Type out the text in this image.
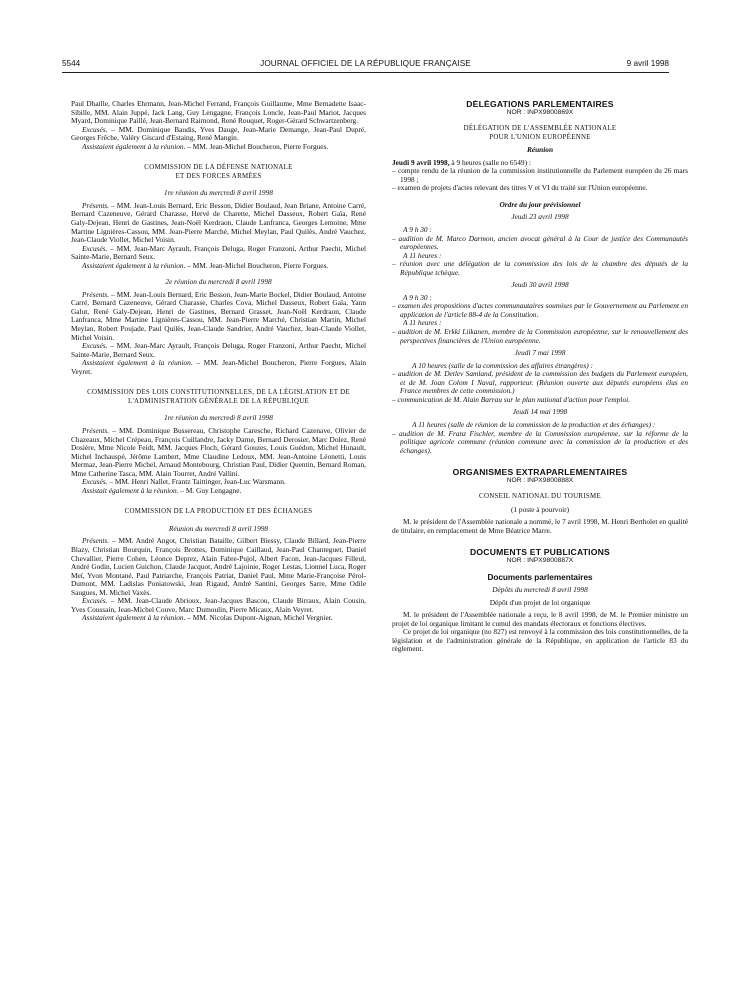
5544	JOURNAL OFFICIEL DE LA RÉPUBLIQUE FRANÇAISE	9 avril 1998

Paul Dhaille, Charles Ehrmann, Jean-Michel Ferrand, François Guillaume, Mme Bernadette Isaac-Sibille, MM. Alain Juppé, Jack Lang, Guy Lengagne, François Loncle, Jean-Paul Mariot, Jacques Myard, Dominique Paillé, Jean-Bernard Raimond, René Rouquet, Roger-Gérard Schwartzenberg.

Excusés. – MM. Dominique Baudis, Yves Dauge, Jean-Marie Demange, Jean-Paul Dupré, Georges Frêche, Valéry Giscard d'Estaing, René Mangin.

Assistaient également à la réunion. – MM. Jean-Michel Boucheron, Pierre Forgues.

COMMISSION DE LA DÉFENSE NATIONALE

ET DES FORCES ARMÉES

1re réunion du mercredi 8 avril 1998

Présents. – MM. Jean-Louis Bernard, Eric Besson, Didier Boulaud, Jean Briane, Antoine Carré, Bernard Cazeneuve, Gérard Charasse, Hervé de Charette, Michel Dasseux, Robert Gaïa, René Galy-Dejean, Henri de Gastines, Jean-Noël Kerdraon, Claude Lanfranca, Georges Lemoine, Mme Martine Lignières-Cassou, MM. Jean-Pierre Marché, Michel Meylan, Paul Quilès, André Vauchez, Jean-Claude Viollet, Michel Voisin.

Excusés. – MM. Jean-Marc Ayrault, François Deluga, Roger Franzoni, Arthur Paecht, Michel Sainte-Marie, Bernard Seux.

Assistaient également à la réunion. – MM. Jean-Michel Boucheron, Pierre Forgues.

2e réunion du mercredi 8 avril 1998

Présents. – MM. Jean-Louis Bernard, Eric Besson, Jean-Marie Bockel, Didier Boulaud, Antoine Carré, Bernard Cazeneuve, Gérard Charasse, Charles Cova, Michel Dasseux, Robert Gaïa, Yann Galut, René Galy-Dejean, Henri de Gastines, Bernard Grasset, Jean-Noël Kerdraon, Claude Lanfranca, Mme Martine Lignières-Cassou, MM. Jean-Pierre Marché, Christian Martin, Michel Meylan, Robert Poujade, Paul Quilès, Jean-Claude Sandrier, André Vauchez, Jean-Claude Viollet, Michel Voisin.

Excusés. – MM. Jean-Marc Ayrault, François Deluga, Roger Franzoni, Arthur Paecht, Michel Sainte-Marie, Bernard Seux.

Assistaient également à la réunion. – MM. Jean-Michel Boucheron, Pierre Forgues, Alain Veyret.

COMMISSION DES LOIS CONSTITUTIONNELLES, DE LA LÉGISLATION ET DE L'ADMINISTRATION GÉNÉRALE DE LA RÉPUBLIQUE

1re réunion du mercredi 8 avril 1998

Présents. – MM. Dominique Bussereau, Christophe Caresche, Richard Cazenave, Olivier de Chazeaux, Michel Crépeau, François Cuillandre, Jacky Darne, Bernard Derosier, Marc Dolez, René Dosière, Mme Nicole Feidt, MM. Jacques Floch, Gérard Gouzes, Louis Guédon, Michel Hunault, Michel Inchauspé, Jérôme Lambert, Mme Claudine Ledoux, MM. Jean-Antoine Léonetti, Louis Mermaz, Jean-Pierre Michel, Arnaud Montebourg, Christian Paul, Didier Quentin, Bernard Roman, Mme Catherine Tasca, MM. Alain Tourret, André Vallini.

Excusés. – MM. Henri Nallet, Frantz Taittinger, Jean-Luc Warsmann.

Assistait également à la réunion. – M. Guy Lengagne.

COMMISSION DE LA PRODUCTION ET DES ÉCHANGES

Réunion du mercredi 8 avril 1998

Présents. – MM. André Angot, Christian Bataille, Gilbert Biessy, Claude Billard, Jean-Pierre Blazy, Christian Bourquin, François Brottes, Dominique Caillaud, Jean-Paul Chanteguet, Daniel Chevallier, Pierre Cohen, Léonce Deprez, Alain Fabre-Pujol, Albert Facon, Jean-Jacques Filleul, André Godin, Lucien Guichon, Claude Jacquot, André Lajoinie, Roger Lestas, Lionnel Luca, Roger Meï, Yvon Montané, Paul Patriarche, François Patriat, Daniel Paul, Mme Marie-Françoise Pérol-Dumont, MM. Ladislas Poniatowski, Jean Rigaud, André Santini, Georges Sarre, Mme Odile Saugues, M. Michel Vaxès.

Excusés. – MM. Jean-Claude Abrioux, Jean-Jacques Bascou, Claude Birraux, Alain Cousin, Yves Coussain, Jean-Michel Couve, Marc Dumoulin, Pierre Micaux, Alain Veyret.

Assistaient également à la réunion. – MM. Nicolas Dupont-Aignan, Michel Vergnier.

DÉLÉGATIONS PARLEMENTAIRES

NOR : INPX9800869X

DÉLÉGATION DE L'ASSEMBLÉE NATIONALE

POUR L'UNION EUROPÉENNE

Réunion

Jeudi 9 avril 1998, à 9 heures (salle no 6549) :

– compte rendu de la réunion de la commission institutionnelle du Parlement européen du 26 mars 1998 ;

– examen de projets d'actes relevant des titres V et VI du traité sur l'Union européenne.

Ordre du jour prévisionnel

Jeudi 23 avril 1998

A 9 h 30 :

– audition de M. Marco Darmon, ancien avocat général à la Cour de justice des Communautés européennes.

A 11 heures :

– réunion avec une délégation de la commission des lois de la chambre des députés de la République tchèque.

Jeudi 30 avril 1998

A 9 h 30 :

– examen des propositions d'actes communautaires soumises par le Gouvernement au Parlement en application de l'article 88-4 de la Constitution.

A 11 heures :

– audition de M. Erkki Liikanen, membre de la Commission européenne, sur le renouvellement des perspectives financières de l'Union européenne.

Jeudi 7 mai 1998

A 10 heures (salle de la commission des affaires étrangères) :

– audition de M. Detlev Samland, président de la commission des budgets du Parlement européen, et de M. Joan Colom I Naval, rapporteur. (Réunion ouverte aux députés européens élus en France membres de cette commission.)

– communication de M. Alain Barrau sur le plan national d'action pour l'emploi.

Jeudi 14 mai 1998

A 11 heures (salle de réunion de la commission de la production et des échanges) :

– audition de M. Franz Fischler, membre de la Commission européenne, sur la réforme de la politique agricole commune (réunion commune avec la commission de la production et des échanges).

ORGANISMES EXTRAPARLEMENTAIRES

NOR : INPX9800888X

CONSEIL NATIONAL DU TOURISME

(1 poste à pourvoir)

M. le président de l'Assemblée nationale a nommé, le 7 avril 1998, M. Henri Bertholet en qualité de titulaire, en remplacement de Mme Béatrice Marre.

DOCUMENTS ET PUBLICATIONS

NOR : INPX9800887X

Documents parlementaires

Dépôts du mercredi 8 avril 1998

Dépôt d'un projet de loi organique

M. le président de l'Assemblée nationale a reçu, le 8 avril 1998, de M. le Premier ministre un projet de loi organique limitant le cumul des mandats électoraux et fonctions électives.

Ce projet de loi organique (no 827) est renvoyé à la commission des lois constitutionnelles, de la législation et de l'administration générale de la République, en application de l'article 83 du règlement.
